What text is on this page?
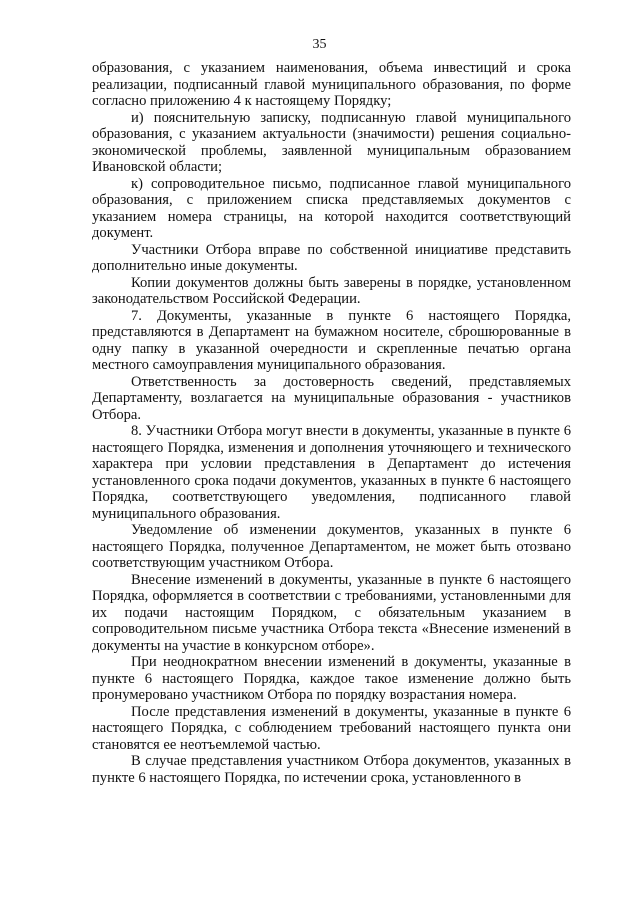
35

образования, с указанием наименования, объема инвестиций и срока реализации, подписанный главой муниципального образования, по форме согласно приложению 4 к настоящему Порядку;

и) пояснительную записку, подписанную главой муниципального образования, с указанием актуальности (значимости) решения социально-экономической проблемы, заявленной муниципальным образованием Ивановской области;

к) сопроводительное письмо, подписанное главой муниципального образования, с приложением списка представляемых документов с указанием номера страницы, на которой находится соответствующий документ.

Участники Отбора вправе по собственной инициативе представить дополнительно иные документы.

Копии документов должны быть заверены в порядке, установленном законодательством Российской Федерации.

7. Документы, указанные в пункте 6 настоящего Порядка, представляются в Департамент на бумажном носителе, сброшюрованные в одну папку в указанной очередности и скрепленные печатью органа местного самоуправления муниципального образования.

Ответственность за достоверность сведений, представляемых Департаменту, возлагается на муниципальные образования - участников Отбора.

8. Участники Отбора могут внести в документы, указанные в пункте 6 настоящего Порядка, изменения и дополнения уточняющего и технического характера при условии представления в Департамент до истечения установленного срока подачи документов, указанных в пункте 6 настоящего Порядка, соответствующего уведомления, подписанного главой муниципального образования.

Уведомление об изменении документов, указанных в пункте 6 настоящего Порядка, полученное Департаментом, не может быть отозвано соответствующим участником Отбора.

Внесение изменений в документы, указанные в пункте 6 настоящего Порядка, оформляется в соответствии с требованиями, установленными для их подачи настоящим Порядком, с обязательным указанием в сопроводительном письме участника Отбора текста «Внесение изменений в документы на участие в конкурсном отборе».

При неоднократном внесении изменений в документы, указанные в пункте 6 настоящего Порядка, каждое такое изменение должно быть пронумеровано участником Отбора по порядку возрастания номера.

После представления изменений в документы, указанные в пункте 6 настоящего Порядка, с соблюдением требований настоящего пункта они становятся ее неотъемлемой частью.

В случае представления участником Отбора документов, указанных в пункте 6 настоящего Порядка, по истечении срока, установленного в
